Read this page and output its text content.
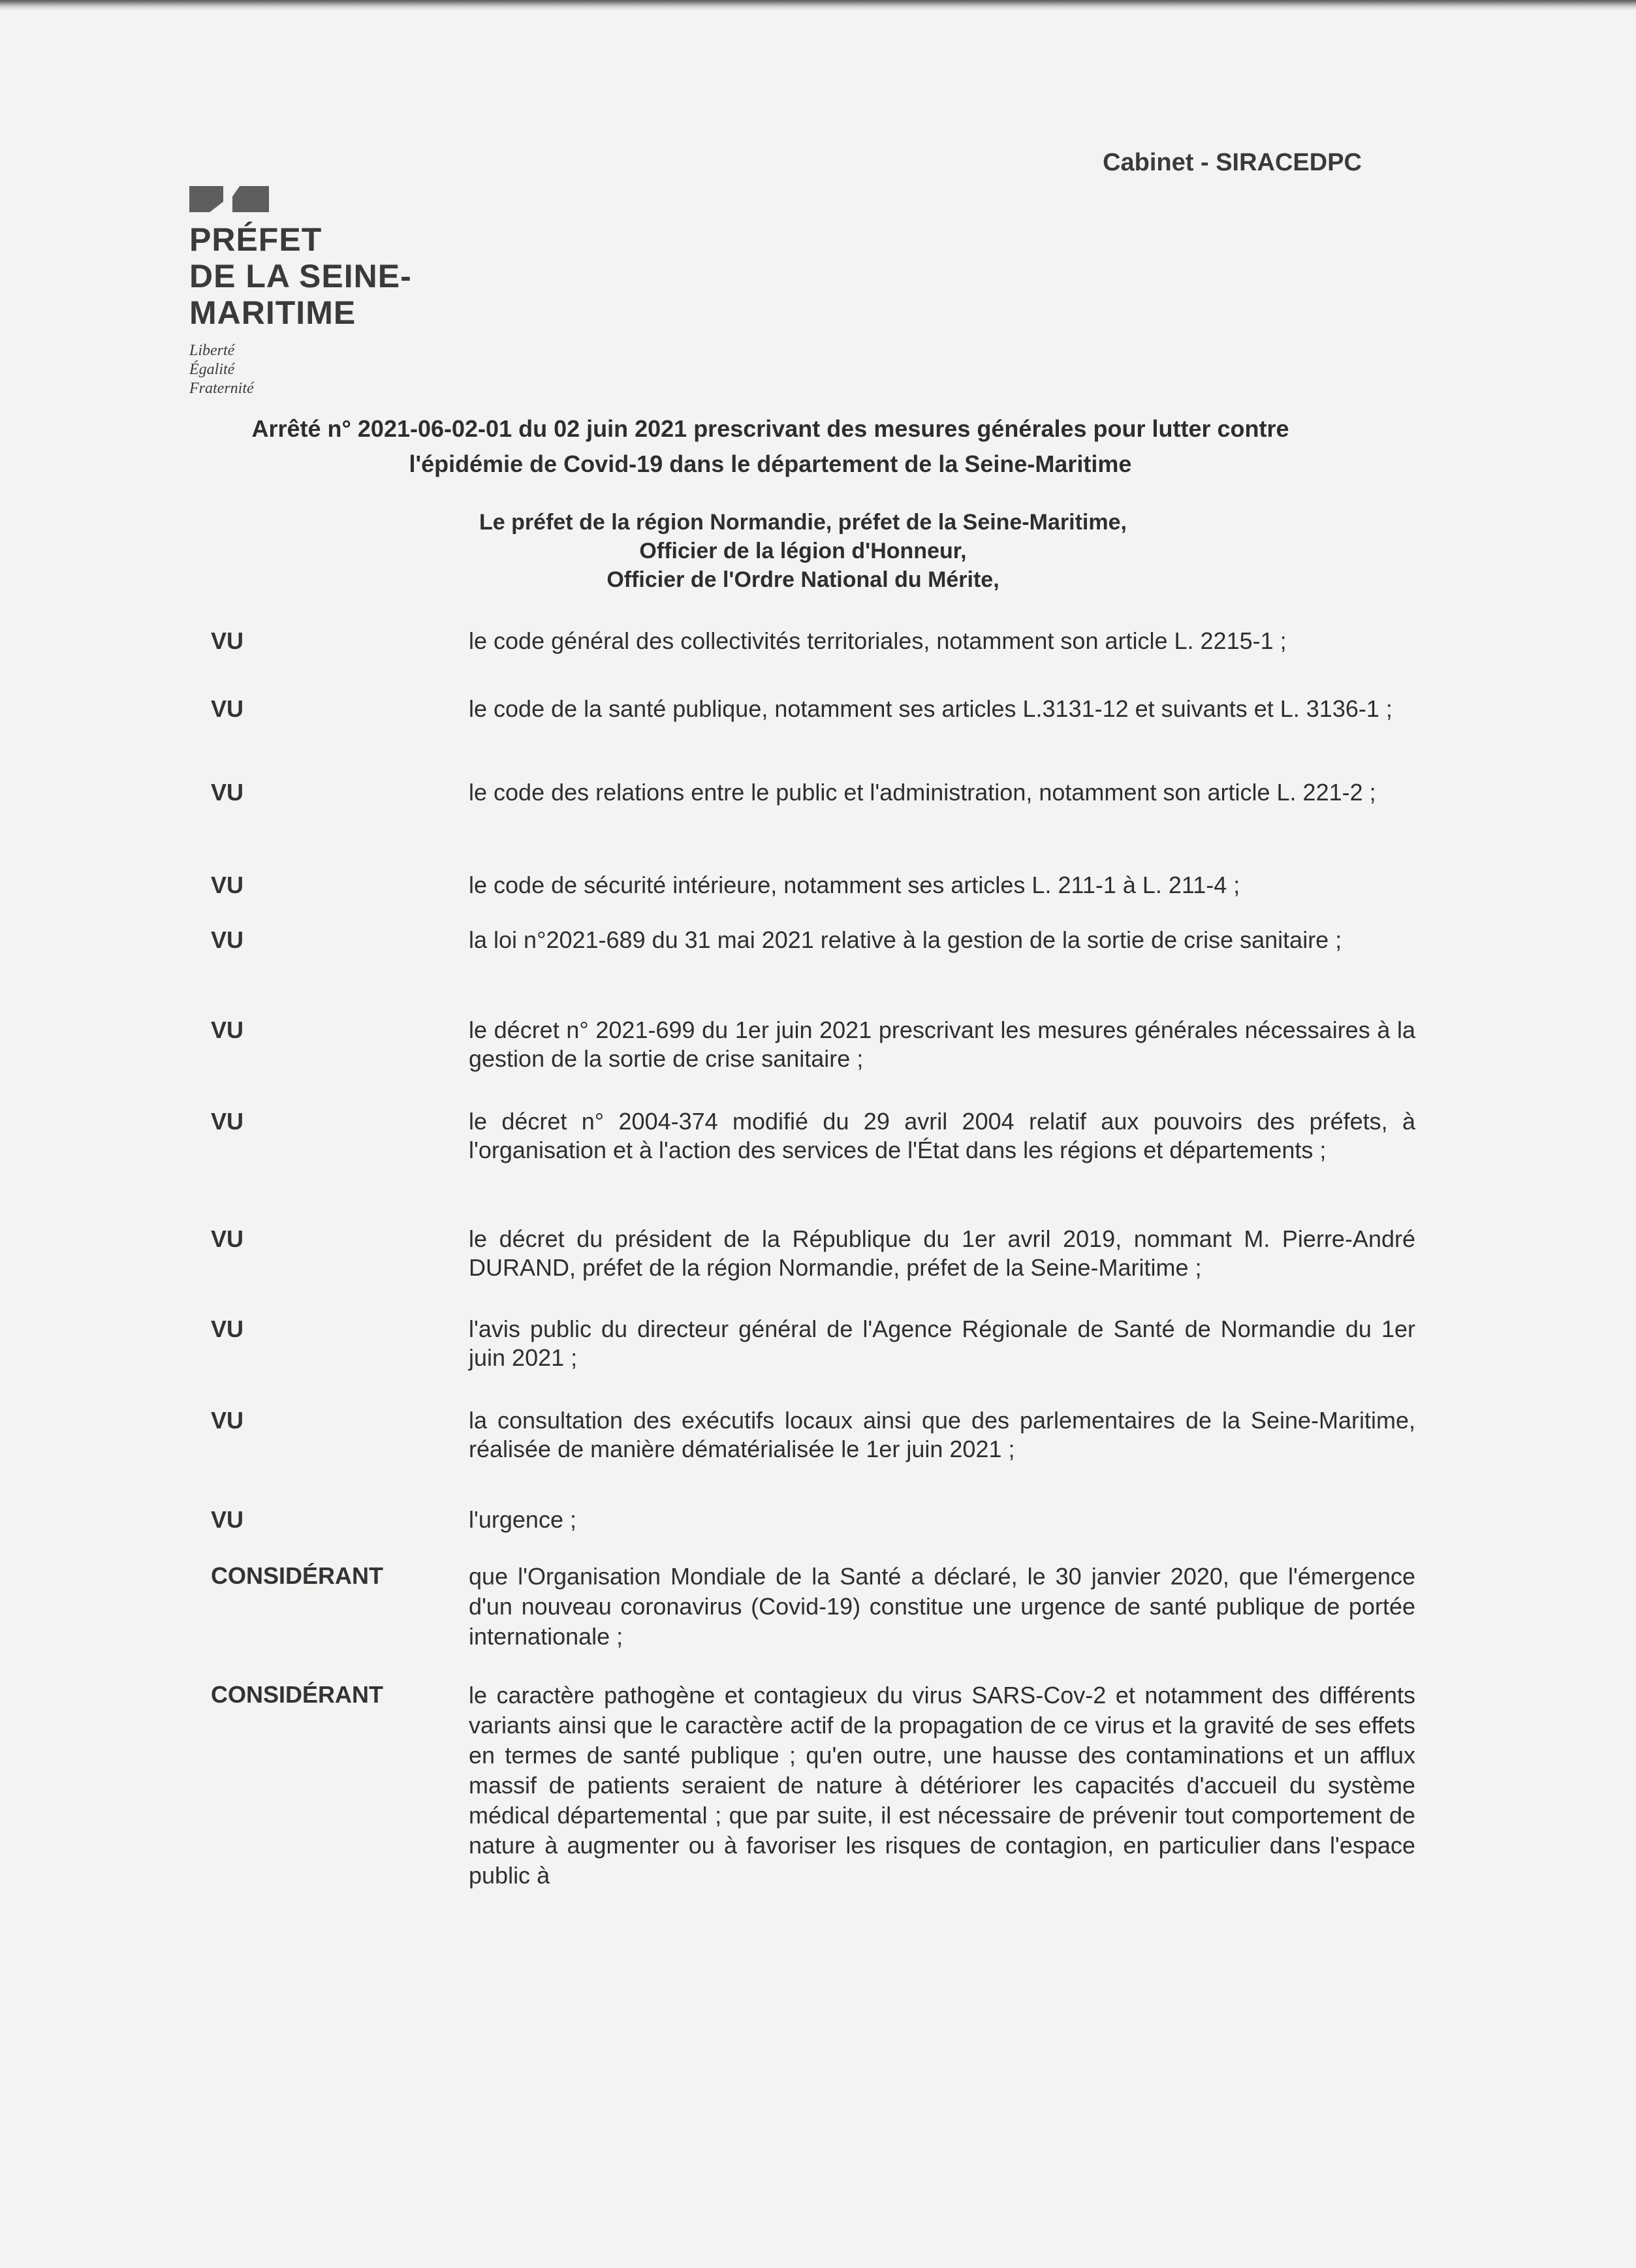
Cabinet - SIRACEDPC
PRÉFET
DE LA SEINE-
MARITIME
Liberté
Égalité
Fraternité
Arrêté n° 2021-06-02-01 du 02 juin 2021 prescrivant des mesures générales pour lutter contre
l'épidémie de Covid-19 dans le département de la Seine-Maritime
Le préfet de la région Normandie, préfet de la Seine-Maritime,
Officier de la légion d'Honneur,
Officier de l'Ordre National du Mérite,
VU	le code général des collectivités territoriales, notamment son article L. 2215-1 ;
VU	le code de la santé publique, notamment ses articles L.3131-12 et suivants et L. 3136-1 ;
VU	le code des relations entre le public et l'administration, notamment son article L. 221-2 ;
VU	le code de sécurité intérieure, notamment ses articles L. 211-1 à L. 211-4 ;
VU	la loi n°2021-689 du 31 mai 2021 relative à la gestion de la sortie de crise sanitaire ;
VU	le décret n° 2021-699 du 1er juin 2021 prescrivant les mesures générales nécessaires à la gestion de la sortie de crise sanitaire ;
VU	le décret n° 2004-374 modifié du 29 avril 2004 relatif aux pouvoirs des préfets, à l'organisation et à l'action des services de l'État dans les régions et départements ;
VU	le décret du président de la République du 1er avril 2019, nommant M. Pierre-André DURAND, préfet de la région Normandie, préfet de la Seine-Maritime ;
VU	l'avis public du directeur général de l'Agence Régionale de Santé de Normandie du 1er juin 2021 ;
VU	la consultation des exécutifs locaux ainsi que des parlementaires de la Seine-Maritime, réalisée de manière dématérialisée le 1er juin 2021 ;
VU	l'urgence ;
CONSIDÉRANT	que l'Organisation Mondiale de la Santé a déclaré, le 30 janvier 2020, que l'émergence d'un nouveau coronavirus (Covid-19) constitue une urgence de santé publique de portée internationale ;
CONSIDÉRANT	le caractère pathogène et contagieux du virus SARS-Cov-2 et notamment des différents variants ainsi que le caractère actif de la propagation de ce virus et la gravité de ses effets en termes de santé publique ; qu'en outre, une hausse des contaminations et un afflux massif de patients seraient de nature à détériorer les capacités d'accueil du système médical départemental ; que par suite, il est nécessaire de prévenir tout comportement de nature à augmenter ou à favoriser les risques de contagion, en particulier dans l'espace public à
